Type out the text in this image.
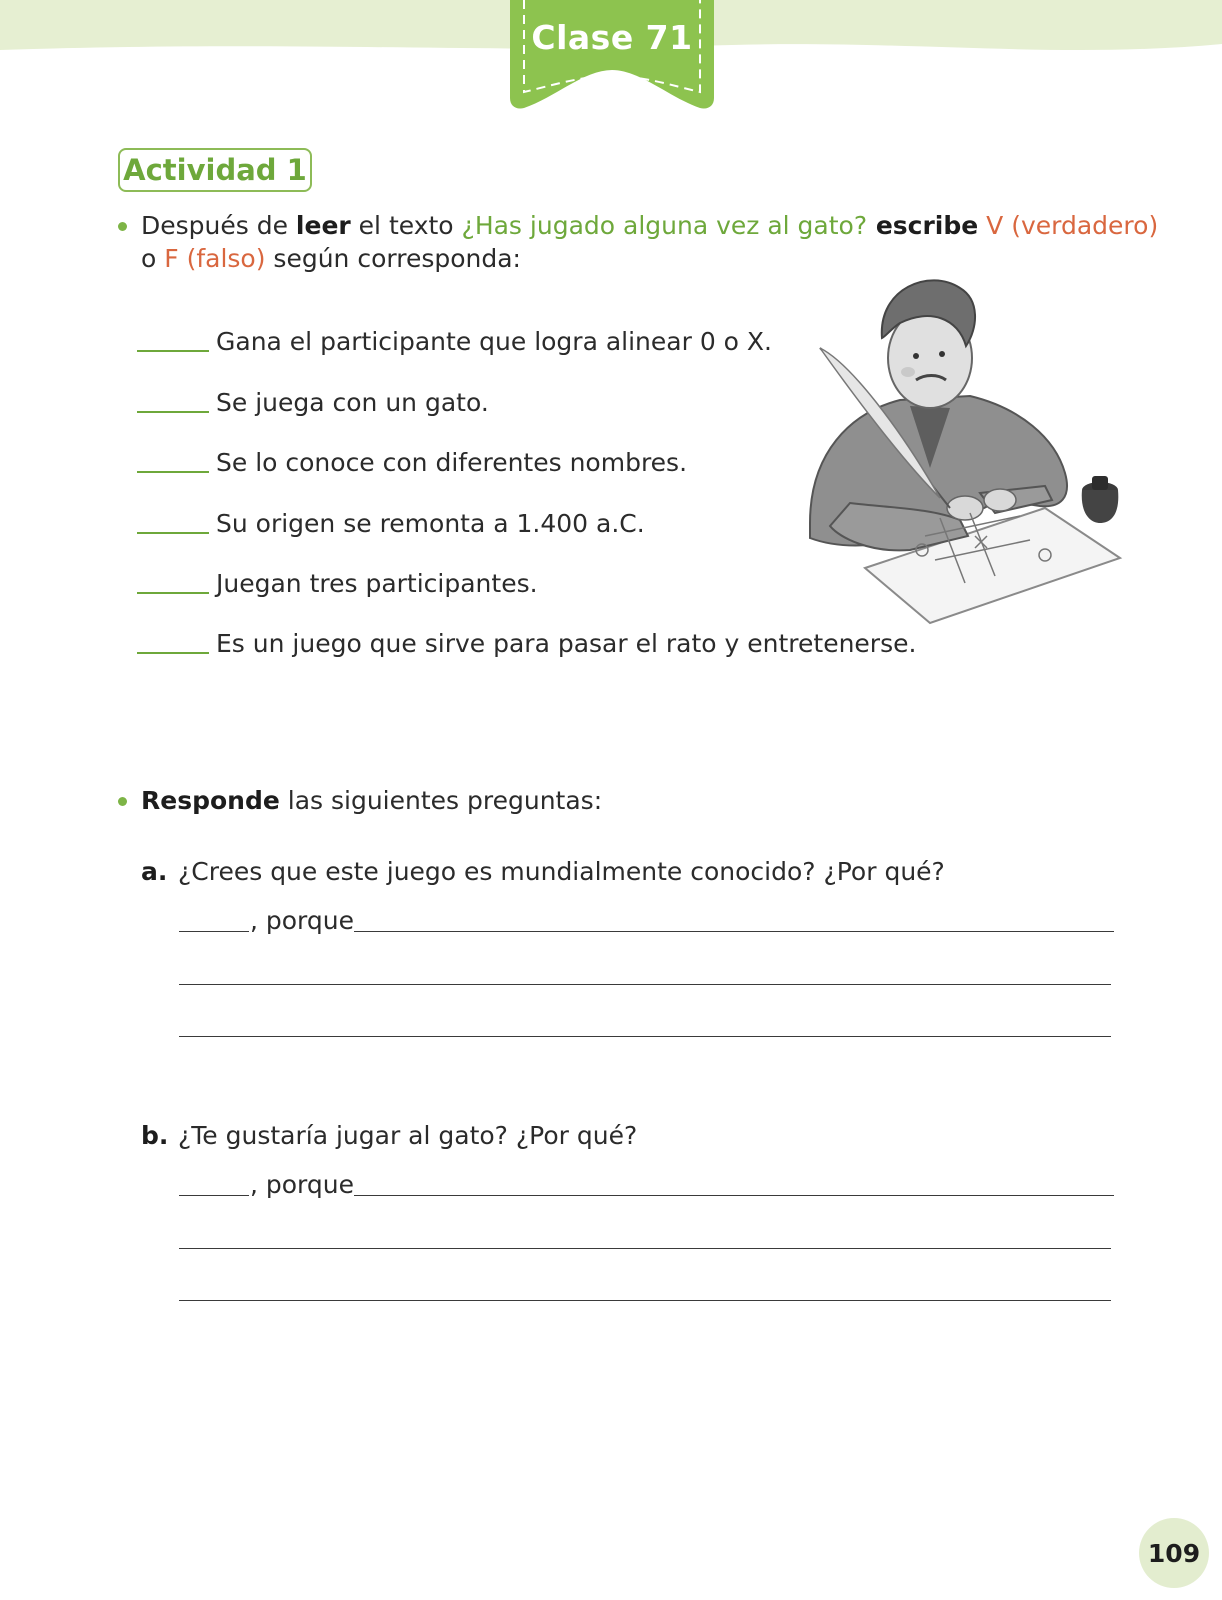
Clase 71
Actividad 1
Después de leer el texto ¿Has jugado alguna vez al gato? escribe V (verdadero)
o F (falso) según corresponda:
Gana el participante que logra alinear 0 o X.
Se juega con un gato.
Se lo conoce con diferentes nombres.
Su origen se remonta a 1.400 a.C.
Juegan tres participantes.
Es un juego que sirve para pasar el rato y entretenerse.
Responde las siguientes preguntas:
a. ¿Crees que este juego es mundialmente conocido? ¿Por qué?
, porque
b. ¿Te gustaría jugar al gato? ¿Por qué?
, porque
109
